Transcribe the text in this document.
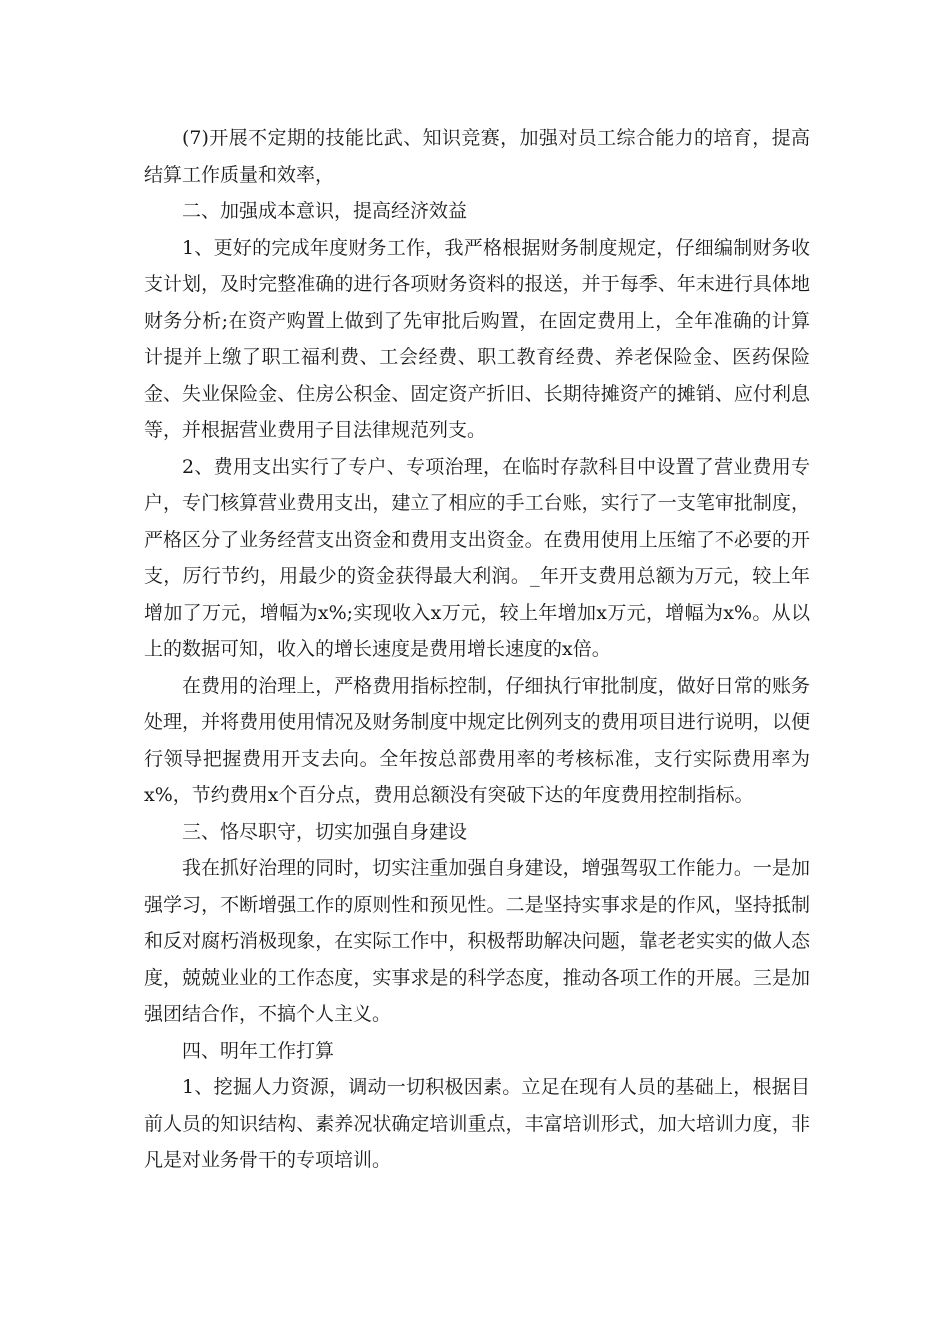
(7)开展不定期的技能比武、知识竞赛，加强对员工综合能力的培育，提高结算工作质量和效率，

二、加强成本意识，提高经济效益

1、更好的完成年度财务工作，我严格根据财务制度规定，仔细编制财务收支计划，及时完整准确的进行各项财务资料的报送，并于每季、年末进行具体地财务分析;在资产购置上做到了先审批后购置，在固定费用上，全年准确的计算计提并上缴了职工福利费、工会经费、职工教育经费、养老保险金、医药保险金、失业保险金、住房公积金、固定资产折旧、长期待摊资产的摊销、应付利息等，并根据营业费用子目法律规范列支。

2、费用支出实行了专户、专项治理，在临时存款科目中设置了营业费用专户，专门核算营业费用支出，建立了相应的手工台账，实行了一支笔审批制度，严格区分了业务经营支出资金和费用支出资金。在费用使用上压缩了不必要的开支，厉行节约，用最少的资金获得最大利润。_年开支费用总额为万元，较上年增加了万元，增幅为x%;实现收入x万元，较上年增加x万元，增幅为x%。从以上的数据可知，收入的增长速度是费用增长速度的x倍。

在费用的治理上，严格费用指标控制，仔细执行审批制度，做好日常的账务处理，并将费用使用情况及财务制度中规定比例列支的费用项目进行说明，以便行领导把握费用开支去向。全年按总部费用率的考核标准，支行实际费用率为x%，节约费用x个百分点，费用总额没有突破下达的年度费用控制指标。

三、恪尽职守，切实加强自身建设

我在抓好治理的同时，切实注重加强自身建设，增强驾驭工作能力。一是加强学习，不断增强工作的原则性和预见性。二是坚持实事求是的作风，坚持抵制和反对腐朽消极现象，在实际工作中，积极帮助解决问题，靠老老实实的做人态度，兢兢业业的工作态度，实事求是的科学态度，推动各项工作的开展。三是加强团结合作，不搞个人主义。

四、明年工作打算

1、挖掘人力资源，调动一切积极因素。立足在现有人员的基础上，根据目前人员的知识结构、素养况状确定培训重点，丰富培训形式，加大培训力度，非凡是对业务骨干的专项培训。
